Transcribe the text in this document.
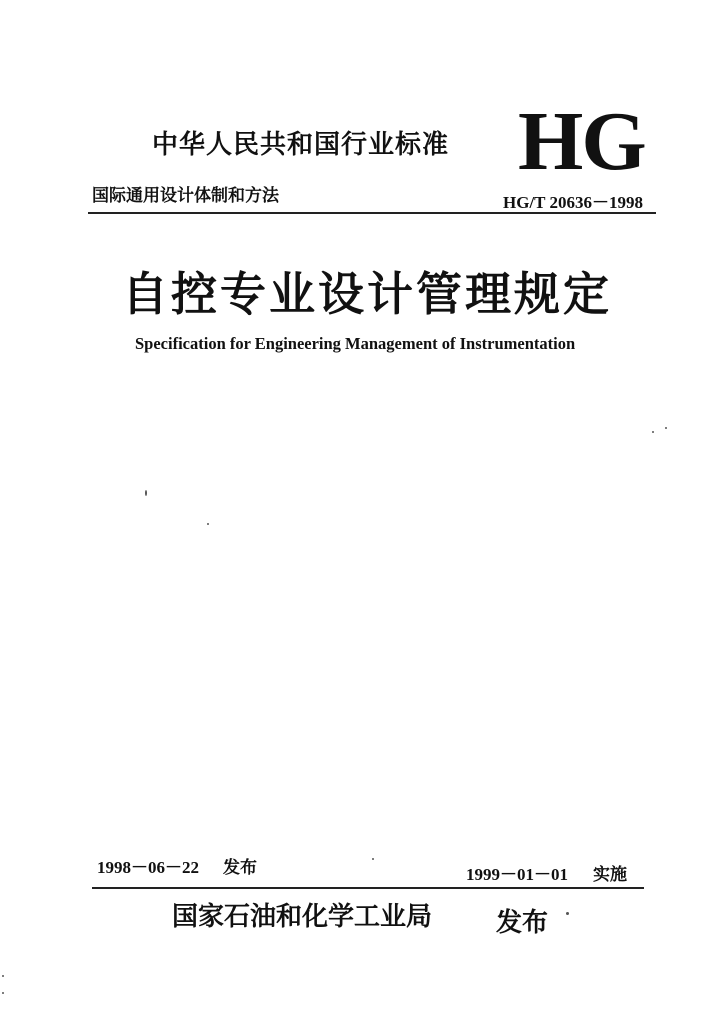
中华人民共和国行业标准 HG
国际通用设计体制和方法	HG/T 20636－1998
自控专业设计管理规定
Specification for Engineering Management of Instrumentation
1998－06－22 发布	1999－01－01 实施
国家石油和化学工业局 发布
